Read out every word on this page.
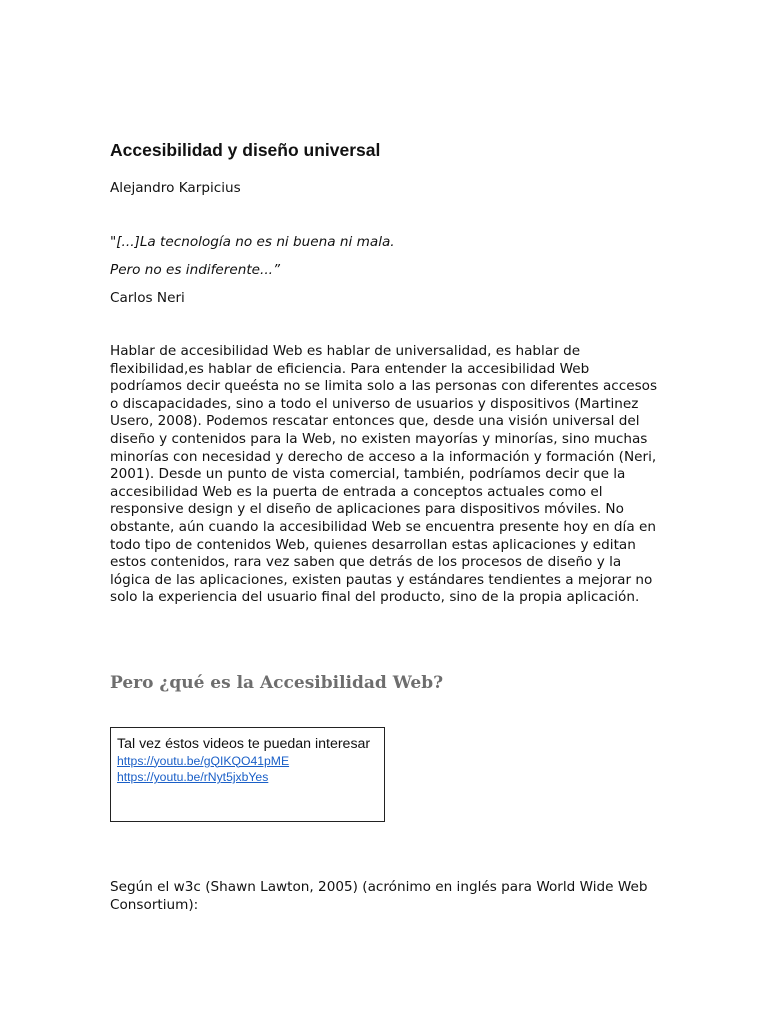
Accesibilidad y diseño universal

Alejandro Karpicius

"[...]La tecnología no es ni buena ni mala.

Pero no es indiferente...”

Carlos Neri

Hablar de accesibilidad Web es hablar de universalidad, es hablar de flexibilidad,es hablar de eficiencia. Para entender la accesibilidad Web podríamos decir queésta no se limita solo a las personas con diferentes accesos o discapacidades, sino a todo el universo de usuarios y dispositivos (Martinez Usero, 2008). Podemos rescatar entonces que, desde una visión universal del diseño y contenidos para la Web, no existen mayorías y minorías, sino muchas minorías con necesidad y derecho de acceso a la información y formación (Neri, 2001). Desde un punto de vista comercial, también, podríamos decir que la accesibilidad Web es la puerta de entrada a conceptos actuales como el responsive design y el diseño de aplicaciones para dispositivos móviles. No obstante, aún cuando la accesibilidad Web se encuentra presente hoy en día en todo tipo de contenidos Web, quienes desarrollan estas aplicaciones y editan estos contenidos, rara vez saben que detrás de los procesos de diseño y la lógica de las aplicaciones, existen pautas y estándares tendientes a mejorar no solo la experiencia del usuario final del producto, sino de la propia aplicación.

Pero ¿qué es la Accesibilidad Web?

Tal vez éstos videos te puedan interesar

https://youtu.be/gQIKQO41pME
https://youtu.be/rNyt5jxbYes

Según el w3c (Shawn Lawton, 2005) (acrónimo en inglés para World Wide Web Consortium):
